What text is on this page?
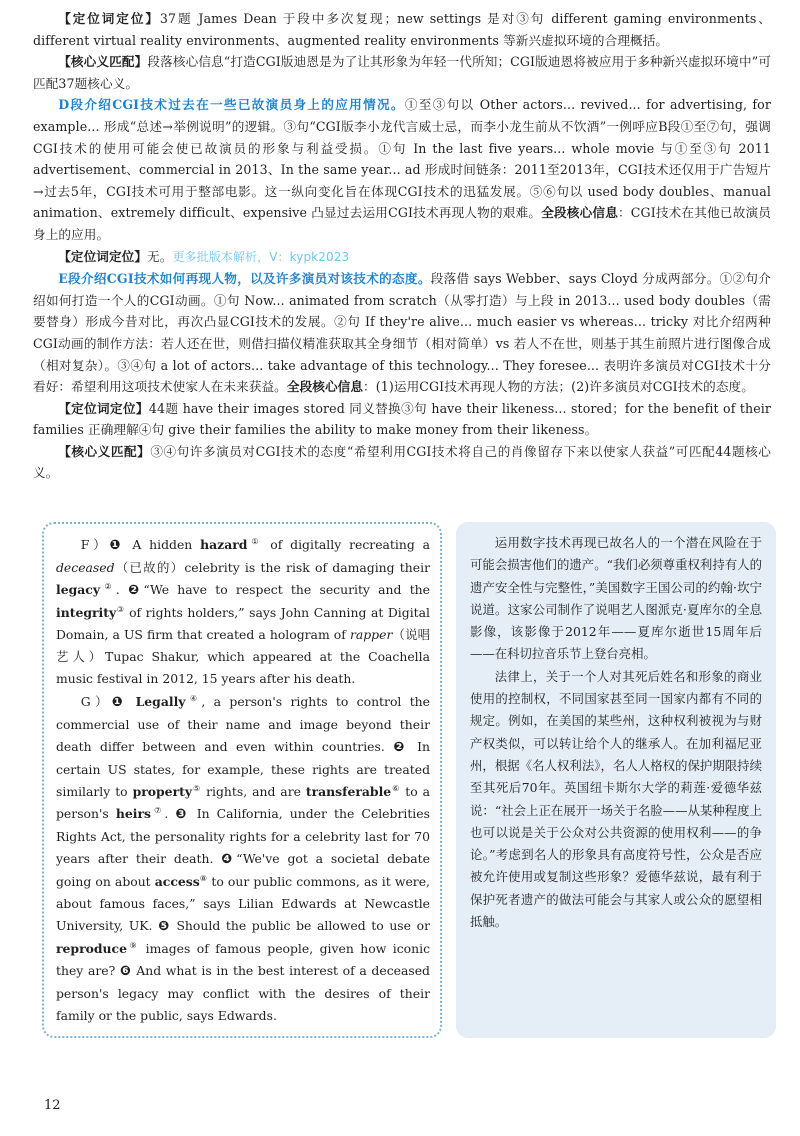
【定位词定位】37题 James Dean 于段中多次复现；new settings 是对③句 different gaming environments、different virtual reality environments、augmented reality environments 等新兴虚拟环境的合理概括。

【核心义匹配】段落核心信息“打造CGI版迪恩是为了让其形象为年轻一代所知；CGI版迪恩将被应用于多种新兴虚拟环境中”可匹配37题核心义。

D段介绍CGI技术过去在一些已故演员身上的应用情况。①至③句以 Other actors... revived... for advertising, for example... 形成“总述→举例说明”的逻辑。③句“CGI版李小龙代言威士忌，而李小龙生前从不饮酒”一例呼应B段①至⑦句，强调CGI技术的使用可能会使已故演员的形象与利益受损。①句 In the last five years... whole movie 与①至③句 2011 advertisement、commercial in 2013、In the same year... ad 形成时间链条：2011至2013年，CGI技术还仅用于广告短片→过去5年，CGI技术可用于整部电影。这一纵向变化旨在体现CGI技术的迅猛发展。⑤⑥句以 used body doubles、manual animation、extremely difficult、expensive 凸显过去运用CGI技术再现人物的艰难。全段核心信息：CGI技术在其他已故演员身上的应用。

【定位词定位】无。更多批版本解析，V：kypk2023

E段介绍CGI技术如何再现人物，以及许多演员对该技术的态度。段落借 says Webber、says Cloyd 分成两部分。①②句介绍如何打造一个人的CGI动画。①句 Now... animated from scratch（从零打造）与上段 in 2013... used body doubles（需要替身）形成今昔对比，再次凸显CGI技术的发展。②句 If they're alive... much easier vs whereas... tricky 对比介绍两种CGI动画的制作方法：若人还在世，则借扫描仪精准获取其全身细节（相对简单）vs 若人不在世，则基于其生前照片进行图像合成（相对复杂）。③④句 a lot of actors... take advantage of this technology... They foresee... 表明许多演员对CGI技术十分看好：希望利用这项技术使家人在未来获益。全段核心信息：(1)运用CGI技术再现人物的方法；(2)许多演员对CGI技术的态度。

【定位词定位】44题 have their images stored 同义替换③句 have their likeness... stored；for the benefit of their families 正确理解④句 give their families the ability to make money from their likeness。

【核心义匹配】③④句许多演员对CGI技术的态度“希望利用CGI技术将自己的肖像留存下来以使家人获益”可匹配44题核心义。

F）❶ A hidden hazard① of digitally recreating a deceased（已故的）celebrity is the risk of damaging their legacy②. ❷“We have to respect the security and the integrity③ of rights holders,” says John Canning at Digital Domain, a US firm that created a hologram of rapper（说唱艺人）Tupac Shakur, which appeared at the Coachella music festival in 2012, 15 years after his death.

G）❶ Legally④, a person's rights to control the commercial use of their name and image beyond their death differ between and even within countries. ❷ In certain US states, for example, these rights are treated similarly to property⑤ rights, and are transferable⑥ to a person's heirs⑦. ❸ In California, under the Celebrities Rights Act, the personality rights for a celebrity last for 70 years after their death. ❹“We've got a societal debate going on about access⑧ to our public commons, as it were, about famous faces,” says Lilian Edwards at Newcastle University, UK. ❺ Should the public be allowed to use or reproduce⑨ images of famous people, given how iconic they are? ❻ And what is in the best interest of a deceased person's legacy may conflict with the desires of their family or the public, says Edwards.

运用数字技术再现已故名人的一个潜在风险在于可能会损害他们的遗产。“我们必须尊重权利持有人的遗产安全性与完整性，”美国数字王国公司的约翰·坎宁说道。这家公司制作了说唱艺人图派克·夏库尔的全息影像，该影像于2012年——夏库尔逝世15周年后——在科切拉音乐节上登台亮相。

法律上，关于一个人对其死后姓名和形象的商业使用的控制权，不同国家甚至同一国家内都有不同的规定。例如，在美国的某些州，这种权利被视为与财产权类似，可以转让给个人的继承人。在加利福尼亚州，根据《名人权利法》，名人人格权的保护期限持续至其死后70年。英国纽卡斯尔大学的莉莲·爱德华兹说：“社会上正在展开一场关于名脸——从某种程度上也可以说是关于公众对公共资源的使用权利——的争论。”考虑到名人的形象具有高度符号性，公众是否应被允许使用或复制这些形象？爱德华兹说，最有利于保护死者遗产的做法可能会与其家人或公众的愿望相抵触。

12
